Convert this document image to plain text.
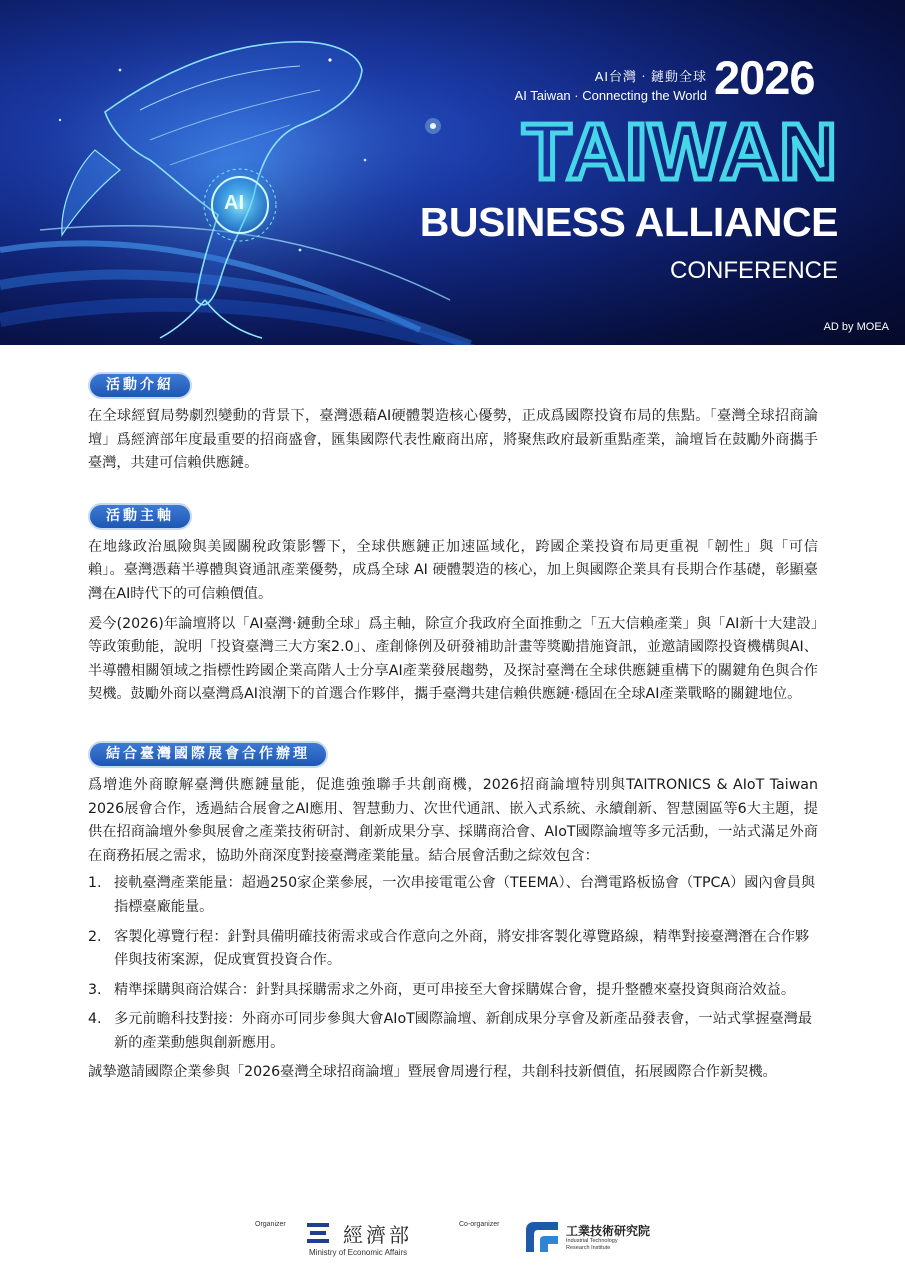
AI
AI台灣‧鏈動全球
AI Taiwan · Connecting the World 2026
TAIWAN
BUSINESS ALLIANCE
CONFERENCE
AD by MOEA
活動介紹

在全球經貿局勢劇烈變動的背景下，臺灣憑藉AI硬體製造核心優勢，正成爲國際投資布局的焦點。「臺灣全球招商論壇」爲經濟部年度最重要的招商盛會，匯集國際代表性廠商出席，將聚焦政府最新重點產業，論壇旨在鼓勵外商攜手臺灣，共建可信賴供應鏈。

活動主軸

在地緣政治風險與美國關稅政策影響下，全球供應鏈正加速區域化，跨國企業投資布局更重視「韌性」與「可信賴」。臺灣憑藉半導體與資通訊產業優勢，成爲全球 AI 硬體製造的核心，加上與國際企業具有長期合作基礎，彰顯臺灣在AI時代下的可信賴價值。

爰今(2026)年論壇將以「AI臺灣‧鏈動全球」爲主軸，除宣介我政府全面推動之「五大信賴產業」與「AI新十大建設」等政策動能，說明「投資臺灣三大方案2.0」、產創條例及研發補助計畫等獎勵措施資訊，並邀請國際投資機構與AI、半導體相關領域之指標性跨國企業高階人士分享AI產業發展趨勢，及探討臺灣在全球供應鏈重構下的關鍵角色與合作契機。鼓勵外商以臺灣爲AI浪潮下的首選合作夥伴，攜手臺灣共建信賴供應鏈‧穩固在全球AI產業戰略的關鍵地位。

結合臺灣國際展會合作辦理

爲增進外商瞭解臺灣供應鏈量能，促進強強聯手共創商機，2026招商論壇特別與TAITRONICS & AIoT Taiwan 2026展會合作，透過結合展會之AI應用、智慧動力、次世代通訊、嵌入式系統、永續創新、智慧園區等6大主題，提供在招商論壇外參與展會之產業技術研討、創新成果分享、採購商洽會、AIoT國際論壇等多元活動，一站式滿足外商在商務拓展之需求，協助外商深度對接臺灣產業能量。結合展會活動之綜效包含：

1. 接軌臺灣產業能量：超過250家企業參展，一次串接電電公會（TEEMA）、台灣電路板協會（TPCA）國內會員與指標臺廠能量。
2. 客製化導覽行程：針對具備明確技術需求或合作意向之外商，將安排客製化導覽路線，精準對接臺灣潛在合作夥伴與技術案源，促成實質投資合作。
3. 精準採購與商洽媒合：針對具採購需求之外商，更可串接至大會採購媒合會，提升整體來臺投資與商洽效益。
4. 多元前瞻科技對接：外商亦可同步參與大會AIoT國際論壇、新創成果分享會及新產品發表會，一站式掌握臺灣最新的產業動態與創新應用。

誠摯邀請國際企業參與「2026臺灣全球招商論壇」暨展會周邊行程，共創科技新價值，拓展國際合作新契機。

Organizer	經濟部
Ministry of Economic Affairs
Co-organizer	工業技術研究院
Industrial Technology
Research Institute
